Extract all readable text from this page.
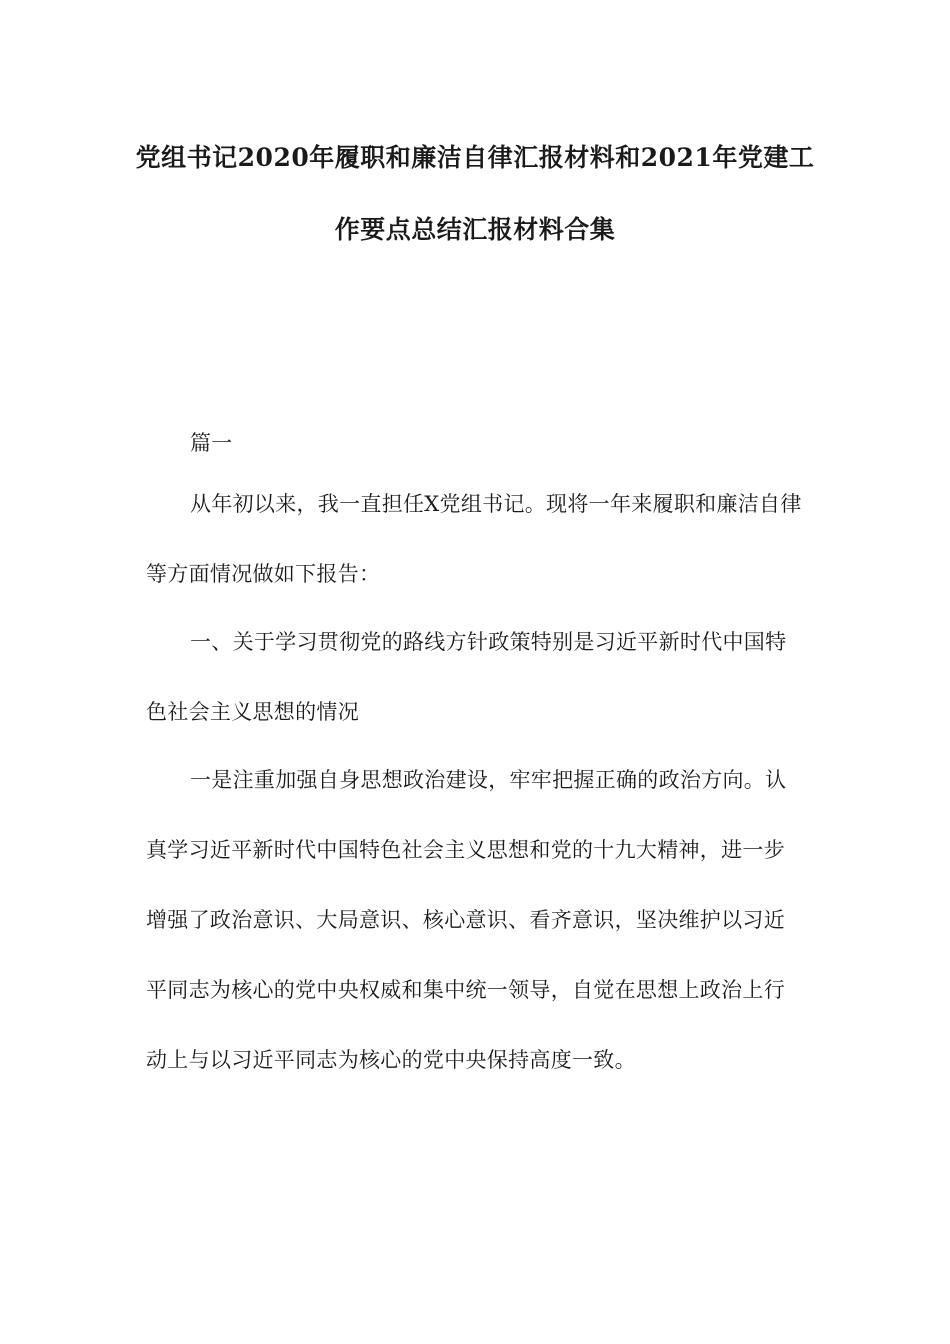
党组书记2020年履职和廉洁自律汇报材料和2021年党建工
作要点总结汇报材料合集

篇一

从年初以来，我一直担任X党组书记。现将一年来履职和廉洁自律等方面情况做如下报告：

一、关于学习贯彻党的路线方针政策特别是习近平新时代中国特色社会主义思想的情况

一是注重加强自身思想政治建设，牢牢把握正确的政治方向。认真学习近平新时代中国特色社会主义思想和党的十九大精神，进一步增强了政治意识、大局意识、核心意识、看齐意识，坚决维护以习近平同志为核心的党中央权威和集中统一领导，自觉在思想上政治上行动上与以习近平同志为核心的党中央保持高度一致。
